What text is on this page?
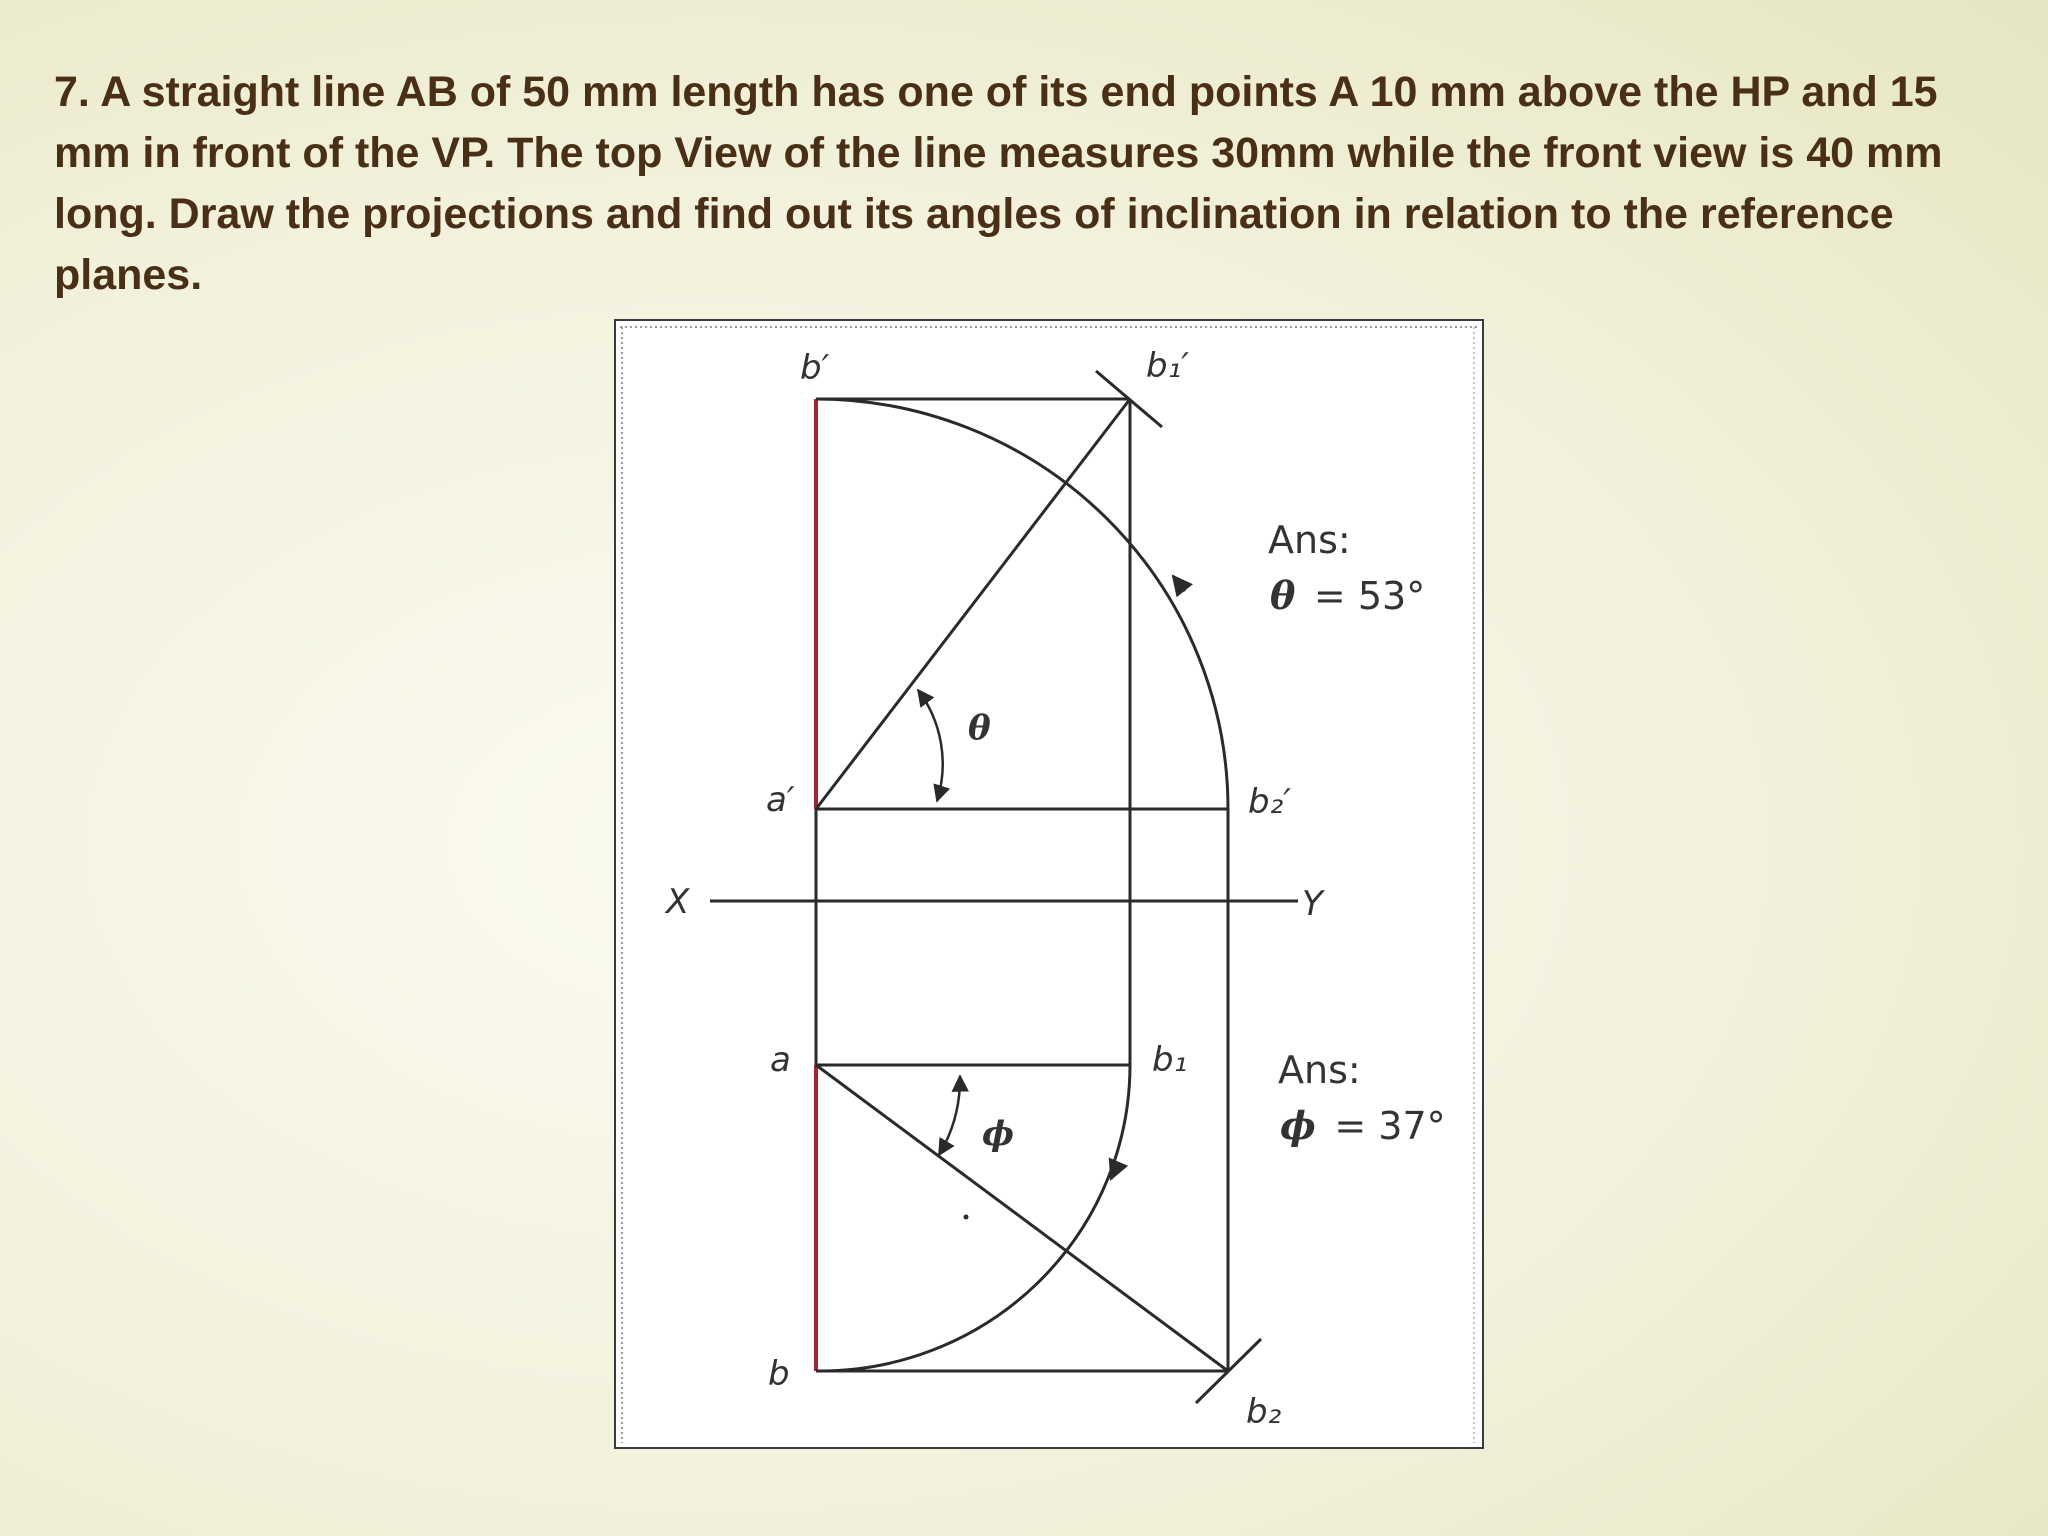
7. A straight line AB of 50 mm length has one of its end points A 10 mm above the HP and 15 mm in front of the VP. The top View of the line measures 30mm while the front view is 40 mm long. Draw the projections and find out its angles of inclination in relation to the reference planes.

b′	b₁′
a′	b₂′
X	Y
a	b₁
b
b₂
θ
ϕ
Ans:
θ = 53°
Ans:
ϕ = 37°
